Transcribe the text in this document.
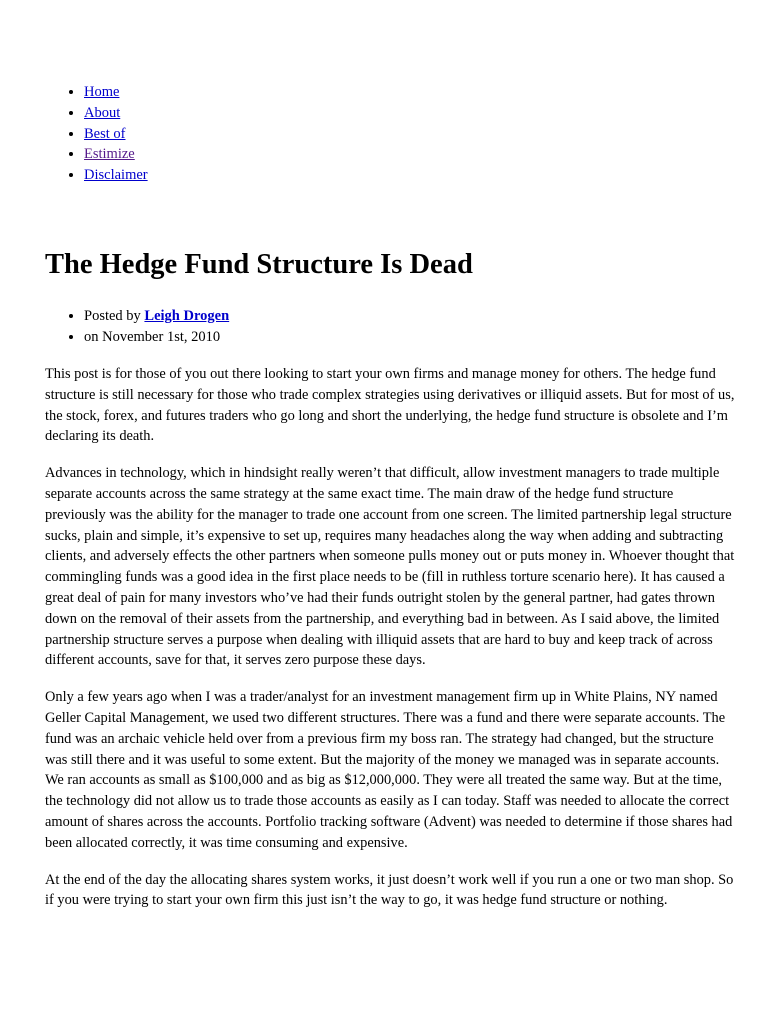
• Home
• About
• Best of
• Estimize
• Disclaimer
The Hedge Fund Structure Is Dead
• Posted by Leigh Drogen
• on November 1st, 2010

This post is for those of you out there looking to start your own firms and manage money for others. The hedge fund structure is still necessary for those who trade complex strategies using derivatives or illiquid assets. But for most of us, the stock, forex, and futures traders who go long and short the underlying, the hedge fund structure is obsolete and I’m declaring its death.

Advances in technology, which in hindsight really weren’t that difficult, allow investment managers to trade multiple separate accounts across the same strategy at the same exact time. The main draw of the hedge fund structure previously was the ability for the manager to trade one account from one screen. The limited partnership legal structure sucks, plain and simple, it’s expensive to set up, requires many headaches along the way when adding and subtracting clients, and adversely effects the other partners when someone pulls money out or puts money in. Whoever thought that commingling funds was a good idea in the first place needs to be (fill in ruthless torture scenario here). It has caused a great deal of pain for many investors who’ve had their funds outright stolen by the general partner, had gates thrown down on the removal of their assets from the partnership, and everything bad in between. As I said above, the limited partnership structure serves a purpose when dealing with illiquid assets that are hard to buy and keep track of across different accounts, save for that, it serves zero purpose these days.

Only a few years ago when I was a trader/analyst for an investment management firm up in White Plains, NY named Geller Capital Management, we used two different structures. There was a fund and there were separate accounts. The fund was an archaic vehicle held over from a previous firm my boss ran. The strategy had changed, but the structure was still there and it was useful to some extent. But the majority of the money we managed was in separate accounts. We ran accounts as small as $100,000 and as big as $12,000,000. They were all treated the same way. But at the time, the technology did not allow us to trade those accounts as easily as I can today. Staff was needed to allocate the correct amount of shares across the accounts. Portfolio tracking software (Advent) was needed to determine if those shares had been allocated correctly, it was time consuming and expensive.

At the end of the day the allocating shares system works, it just doesn’t work well if you run a one or two man shop. So if you were trying to start your own firm this just isn’t the way to go, it was hedge fund structure or nothing.
